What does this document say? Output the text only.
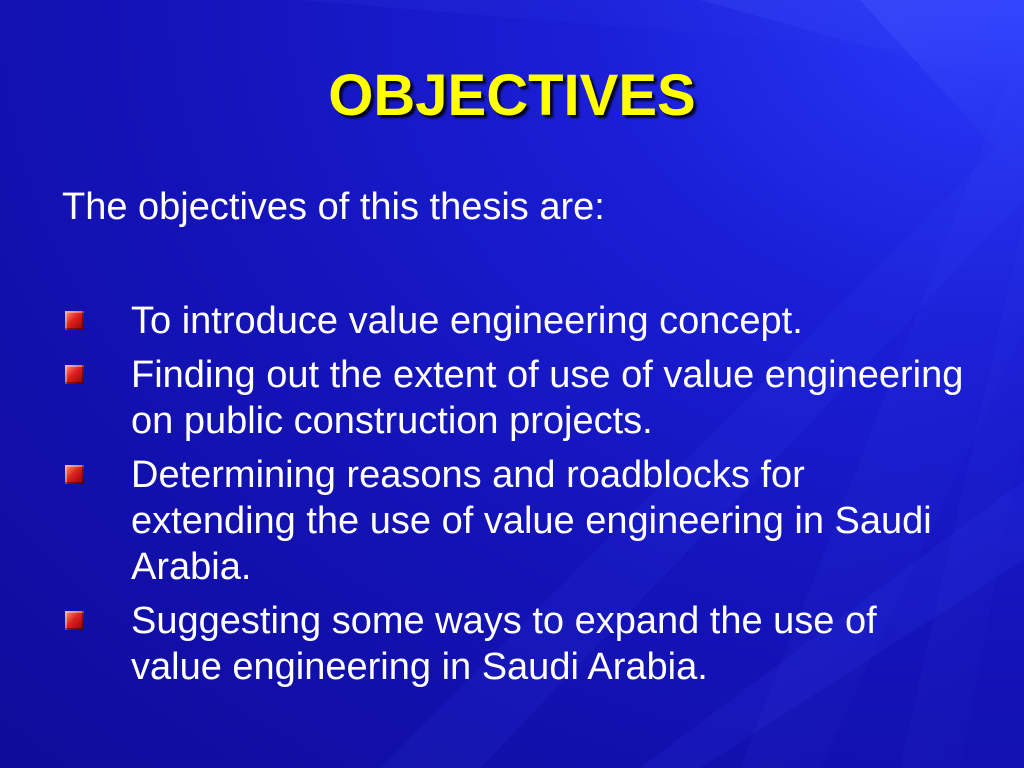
OBJECTIVES
The objectives of this thesis are:
To introduce value engineering concept.
Finding out the extent of use of value engineering on public construction projects.
Determining reasons and roadblocks for extending the use of value engineering in Saudi Arabia.
Suggesting some ways to expand the use of value engineering in Saudi Arabia.
